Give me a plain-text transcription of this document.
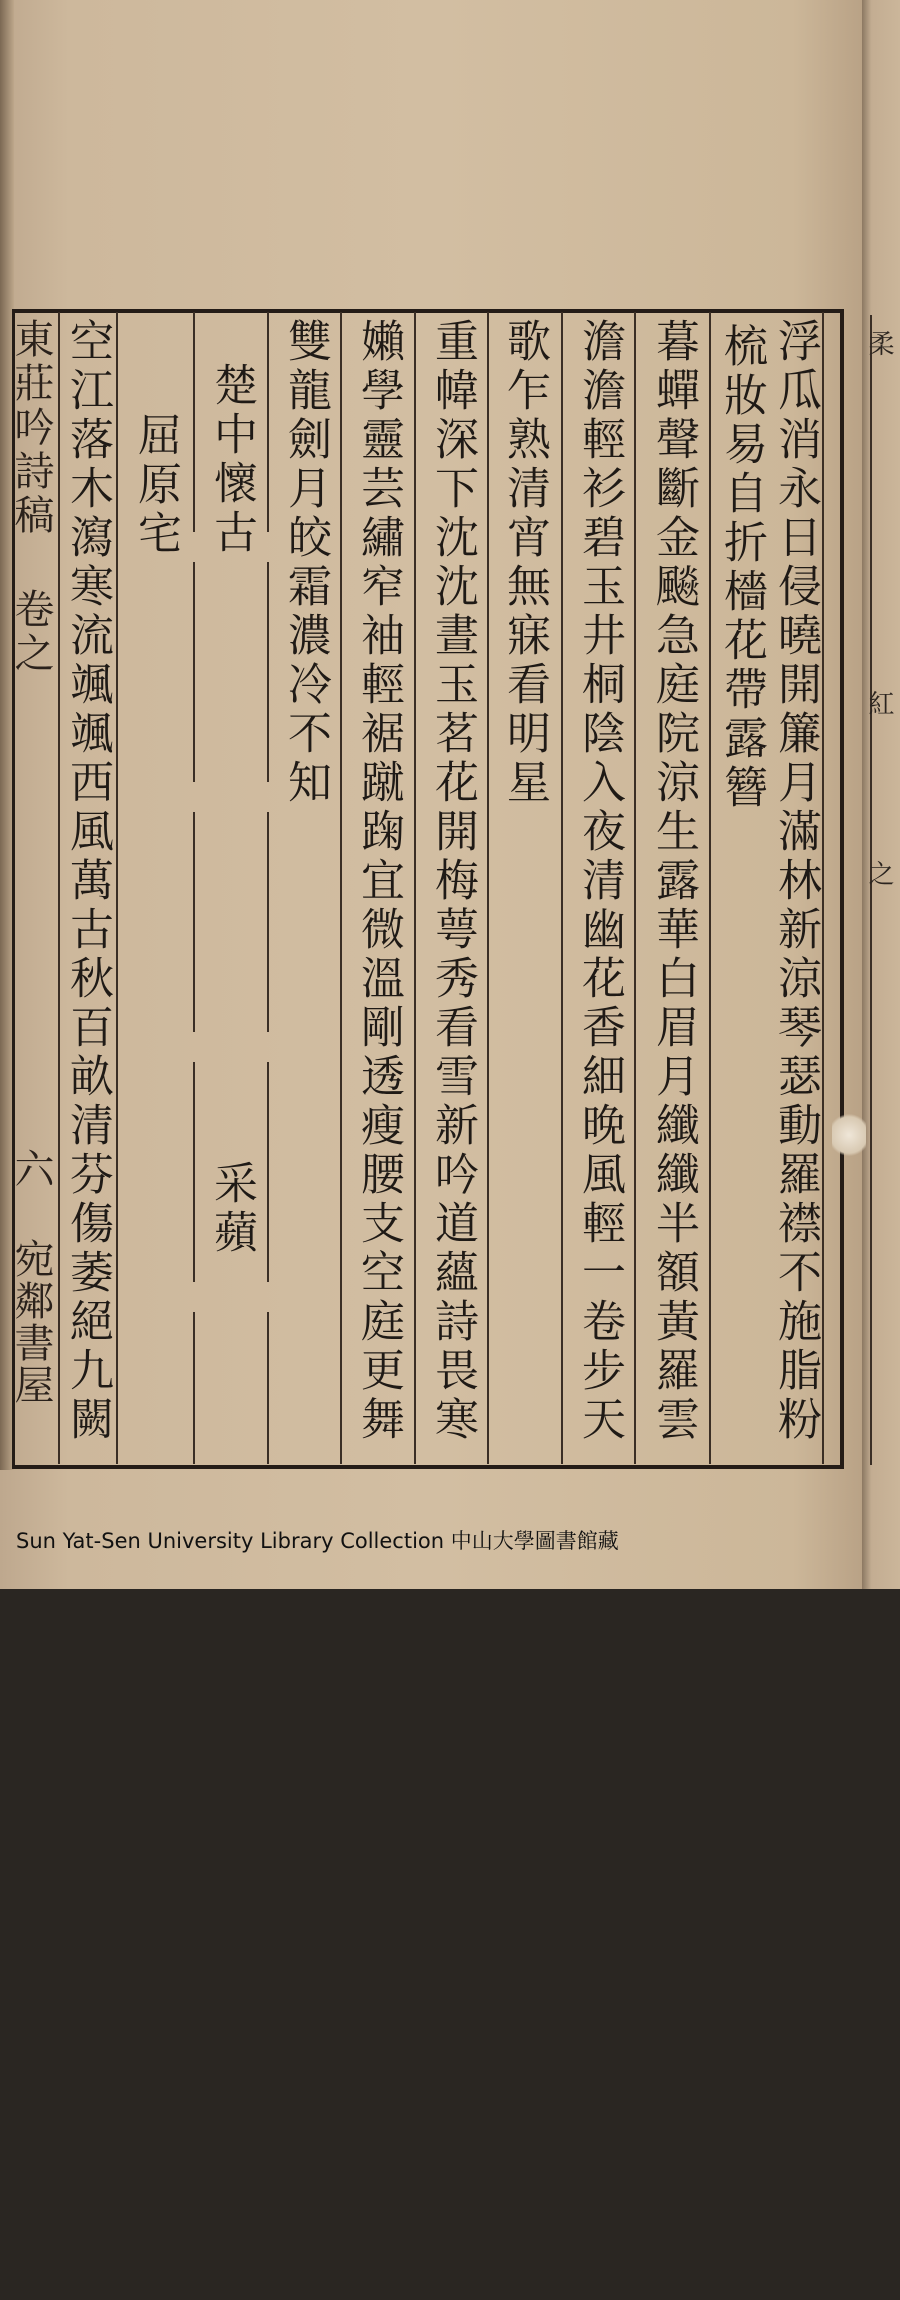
浮瓜消永日侵曉開簾月滿林新涼琴瑟動羅襟不施脂粉
梳妝易自折檣花帶露簪
暮蟬聲斷金飈急庭院涼生露華白眉月纖纖半額黃羅雲
澹澹輕衫碧玉井桐陰入夜清幽花香細晚風輕一卷步天
歌乍熟清宵無寐看明星
重幃深下沈沈晝玉茗花開梅萼秀看雪新吟道蘊詩畏寒
嬾學靈芸繡窄袖輕裾蹴踘宜微溫剛透瘦腰支空庭更舞
雙龍劍月皎霜濃冷不知
楚中懷古
采蘋
屈原宅
空江落木瀉寒流颯颯西風萬古秋百畝清芬傷萎絕九闕
東莊吟詩稿 卷之
六
宛鄰書屋
Sun Yat-Sen University Library Collection 中山大學圖書館藏
柔
紅
之
